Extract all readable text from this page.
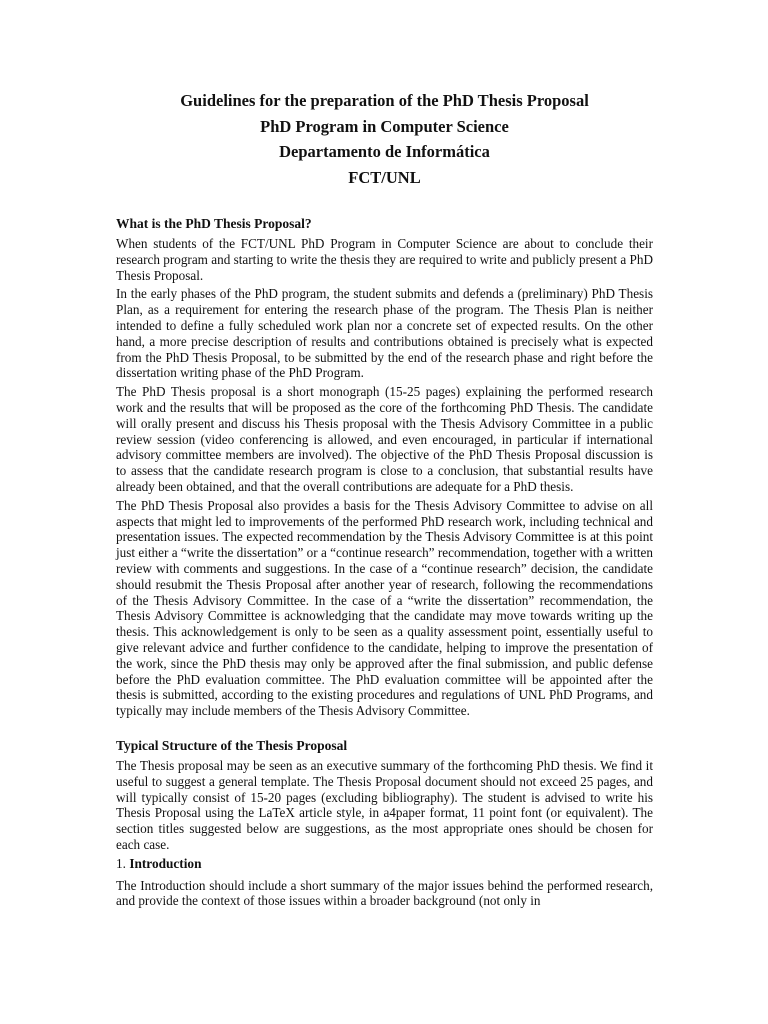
Guidelines for the preparation of the PhD Thesis Proposal
PhD Program in Computer Science
Departamento de Informática
FCT/UNL
What is the PhD Thesis Proposal?

When students of the FCT/UNL PhD Program in Computer Science are about to conclude their research program and starting to write the thesis they are required to write and publicly present a PhD Thesis Proposal.

In the early phases of the PhD program, the student submits and defends a (preliminary) PhD Thesis Plan, as a requirement for entering the research phase of the program. The Thesis Plan is neither intended to define a fully scheduled work plan nor a concrete set of expected results. On the other hand, a more precise description of results and contributions obtained is precisely what is expected from the PhD Thesis Proposal, to be submitted by the end of the research phase and right before the dissertation writing phase of the PhD Program.

The PhD Thesis proposal is a short monograph (15-25 pages) explaining the performed research work and the results that will be proposed as the core of the forthcoming PhD Thesis. The candidate will orally present and discuss his Thesis proposal with the Thesis Advisory Committee in a public review session (video conferencing is allowed, and even encouraged, in particular if international advisory committee members are involved). The objective of the PhD Thesis Proposal discussion is to assess that the candidate research program is close to a conclusion, that substantial results have already been obtained, and that the overall contributions are adequate for a PhD thesis.

The PhD Thesis Proposal also provides a basis for the Thesis Advisory Committee to advise on all aspects that might led to improvements of the performed PhD research work, including technical and presentation issues. The expected recommendation by the Thesis Advisory Committee is at this point just either a “write the dissertation” or a “continue research” recommendation, together with a written review with comments and suggestions. In the case of a “continue research” decision, the candidate should resubmit the Thesis Proposal after another year of research, following the recommendations of the Thesis Advisory Committee. In the case of a “write the dissertation” recommendation, the Thesis Advisory Committee is acknowledging that the candidate may move towards writing up the thesis. This acknowledgement is only to be seen as a quality assessment point, essentially useful to give relevant advice and further confidence to the candidate, helping to improve the presentation of the work, since the PhD thesis may only be approved after the final submission, and public defense before the PhD evaluation committee. The PhD evaluation committee will be appointed after the thesis is submitted, according to the existing procedures and regulations of UNL PhD Programs, and typically may include members of the Thesis Advisory Committee.

Typical Structure of the Thesis Proposal

The Thesis proposal may be seen as an executive summary of the forthcoming PhD thesis. We find it useful to suggest a general template. The Thesis Proposal document should not exceed 25 pages, and will typically consist of 15-20 pages (excluding bibliography). The student is advised to write his Thesis Proposal using the LaTeX article style, in a4paper format, 11 point font (or equivalent). The section titles suggested below are suggestions, as the most appropriate ones should be chosen for each case.

1. Introduction

The Introduction should include a short summary of the major issues behind the performed research, and provide the context of those issues within a broader background (not only in
